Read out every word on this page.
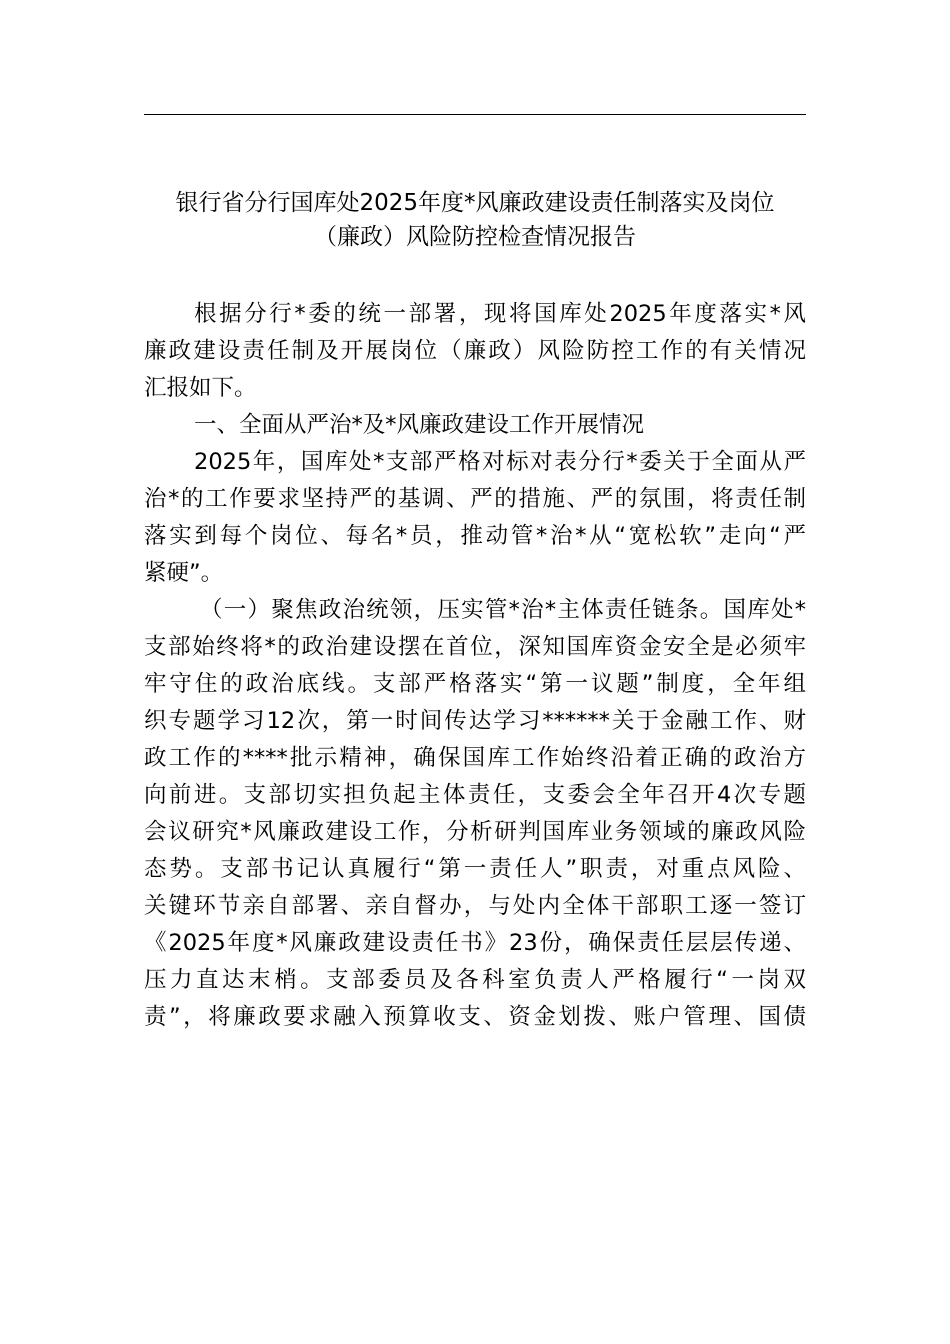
银行省分行国库处2025年度*风廉政建设责任制落实及岗位
（廉政）风险防控检查情况报告

根据分行*委的统一部署，现将国库处2025年度落实*风

廉政建设责任制及开展岗位（廉政）风险防控工作的有关情况

汇报如下。

一、全面从严治*及*风廉政建设工作开展情况

2025年，国库处*支部严格对标对表分行*委关于全面从严

治*的工作要求坚持严的基调、严的措施、严的氛围，将责任制

落实到每个岗位、每名*员，推动管*治*从“宽松软”走向“严

紧硬”。

（一）聚焦政治统领，压实管*治*主体责任链条。国库处*

支部始终将*的政治建设摆在首位，深知国库资金安全是必须牢

牢守住的政治底线。支部严格落实“第一议题”制度，全年组

织专题学习12次，第一时间传达学习******关于金融工作、财

政工作的****批示精神，确保国库工作始终沿着正确的政治方

向前进。支部切实担负起主体责任，支委会全年召开4次专题

会议研究*风廉政建设工作，分析研判国库业务领域的廉政风险

态势。支部书记认真履行“第一责任人”职责，对重点风险、

关键环节亲自部署、亲自督办，与处内全体干部职工逐一签订

《2025年度*风廉政建设责任书》23份，确保责任层层传递、

压力直达末梢。支部委员及各科室负责人严格履行“一岗双

责”，将廉政要求融入预算收支、资金划拨、账户管理、国债
